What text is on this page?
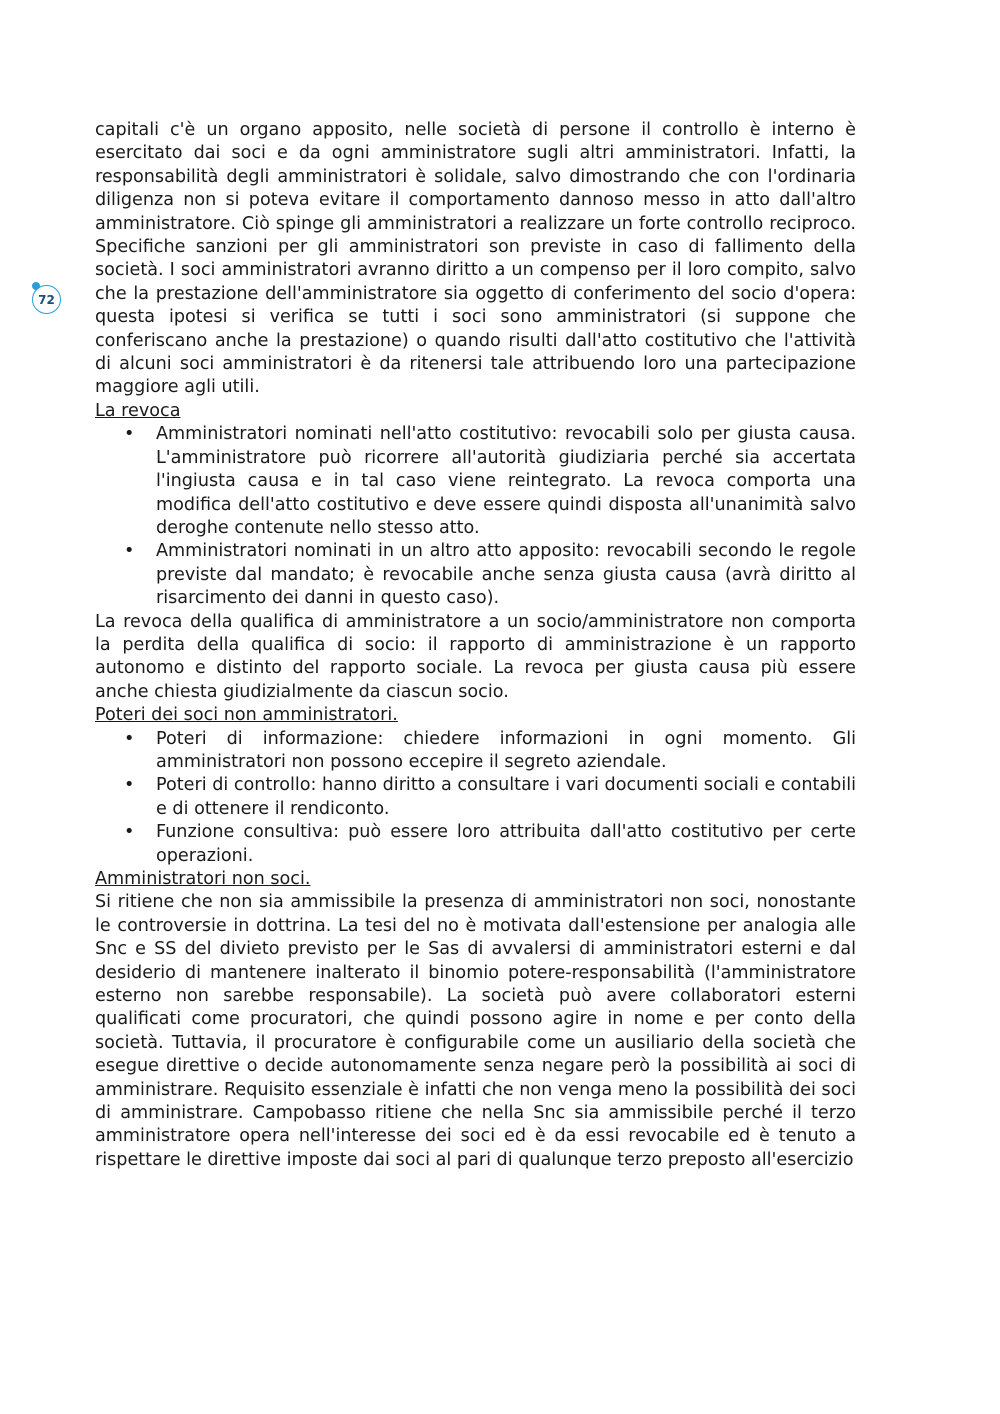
72

capitali c'è un organo apposito, nelle società di persone il controllo è interno è esercitato dai soci e da ogni amministratore sugli altri amministratori. Infatti, la responsabilità degli amministratori è solidale, salvo dimostrando che con l'ordinaria diligenza non si poteva evitare il comportamento dannoso messo in atto dall'altro amministratore. Ciò spinge gli amministratori a realizzare un forte controllo reciproco. Specifiche sanzioni per gli amministratori son previste in caso di fallimento della società. I soci amministratori avranno diritto a un compenso per il loro compito, salvo che la prestazione dell'amministratore sia oggetto di conferimento del socio d'opera: questa ipotesi si verifica se tutti i soci sono amministratori (si suppone che conferiscano anche la prestazione) o quando risulti dall'atto costitutivo che l'attività di alcuni soci amministratori è da ritenersi tale attribuendo loro una partecipazione maggiore agli utili.

La revoca

• Amministratori nominati nell'atto costitutivo: revocabili solo per giusta causa. L'amministratore può ricorrere all'autorità giudiziaria perché sia accertata l'ingiusta causa e in tal caso viene reintegrato. La revoca comporta una modifica dell'atto costitutivo e deve essere quindi disposta all'unanimità salvo deroghe contenute nello stesso atto.
• Amministratori nominati in un altro atto apposito: revocabili secondo le regole previste dal mandato; è revocabile anche senza giusta causa (avrà diritto al risarcimento dei danni in questo caso).

La revoca della qualifica di amministratore a un socio/amministratore non comporta la perdita della qualifica di socio: il rapporto di amministrazione è un rapporto autonomo e distinto del rapporto sociale. La revoca per giusta causa più essere anche chiesta giudizialmente da ciascun socio.

Poteri dei soci non amministratori.

• Poteri di informazione: chiedere informazioni in ogni momento. Gli amministratori non possono eccepire il segreto aziendale.
• Poteri di controllo: hanno diritto a consultare i vari documenti sociali e contabili e di ottenere il rendiconto.
• Funzione consultiva: può essere loro attribuita dall'atto costitutivo per certe operazioni.

Amministratori non soci.

Si ritiene che non sia ammissibile la presenza di amministratori non soci, nonostante le controversie in dottrina. La tesi del no è motivata dall'estensione per analogia alle Snc e SS del divieto previsto per le Sas di avvalersi di amministratori esterni e dal desiderio di mantenere inalterato il binomio potere-responsabilità (l'amministratore esterno non sarebbe responsabile). La società può avere collaboratori esterni qualificati come procuratori, che quindi possono agire in nome e per conto della società. Tuttavia, il procuratore è configurabile come un ausiliario della società che esegue direttive o decide autonomamente senza negare però la possibilità ai soci di amministrare. Requisito essenziale è infatti che non venga meno la possibilità dei soci di amministrare. Campobasso ritiene che nella Snc sia ammissibile perché il terzo amministratore opera nell'interesse dei soci ed è da essi revocabile ed è tenuto a rispettare le direttive imposte dai soci al pari di qualunque terzo preposto all'esercizio
